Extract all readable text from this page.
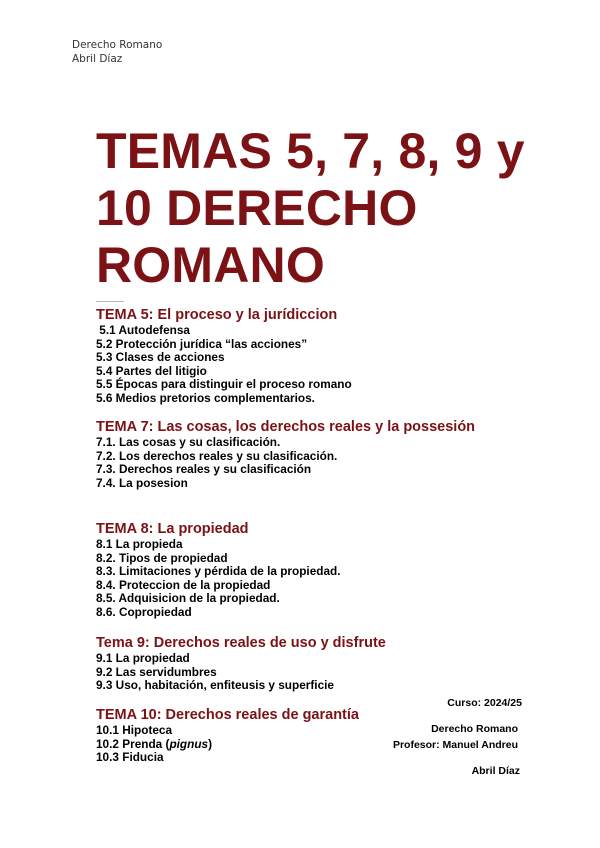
Derecho Romano
Abril Díaz
TEMAS 5, 7, 8, 9 y 10 DERECHO ROMANO

TEMA 5: El proceso y la jurídiccion

5.1 Autodefensa

5.2 Protección jurídica “las acciones”

5.3 Clases de acciones

5.4 Partes del litigio

5.5 Épocas para distinguir el proceso romano

5.6 Medios pretorios complementarios.

TEMA 7: Las cosas, los derechos reales y la possesión

7.1. Las cosas y su clasificación.

7.2. Los derechos reales y su clasificación.

7.3. Derechos reales y su clasificación

7.4. La posesion

TEMA 8: La propiedad

8.1 La propieda

8.2. Tipos de propiedad

8.3. Limitaciones y pérdida de la propiedad.

8.4. Proteccion de la propiedad

8.5. Adquisicion de la propiedad.

8.6. Copropiedad

Tema 9: Derechos reales de uso y disfrute

9.1 La propiedad

9.2 Las servidumbres

9.3 Uso, habitación, enfiteusis y superficie

TEMA 10: Derechos reales de garantía

10.1 Hipoteca

10.2 Prenda (pignus)

10.3 Fiducia

Curso: 2024/25
Derecho Romano
Profesor: Manuel Andreu
Abril Díaz
